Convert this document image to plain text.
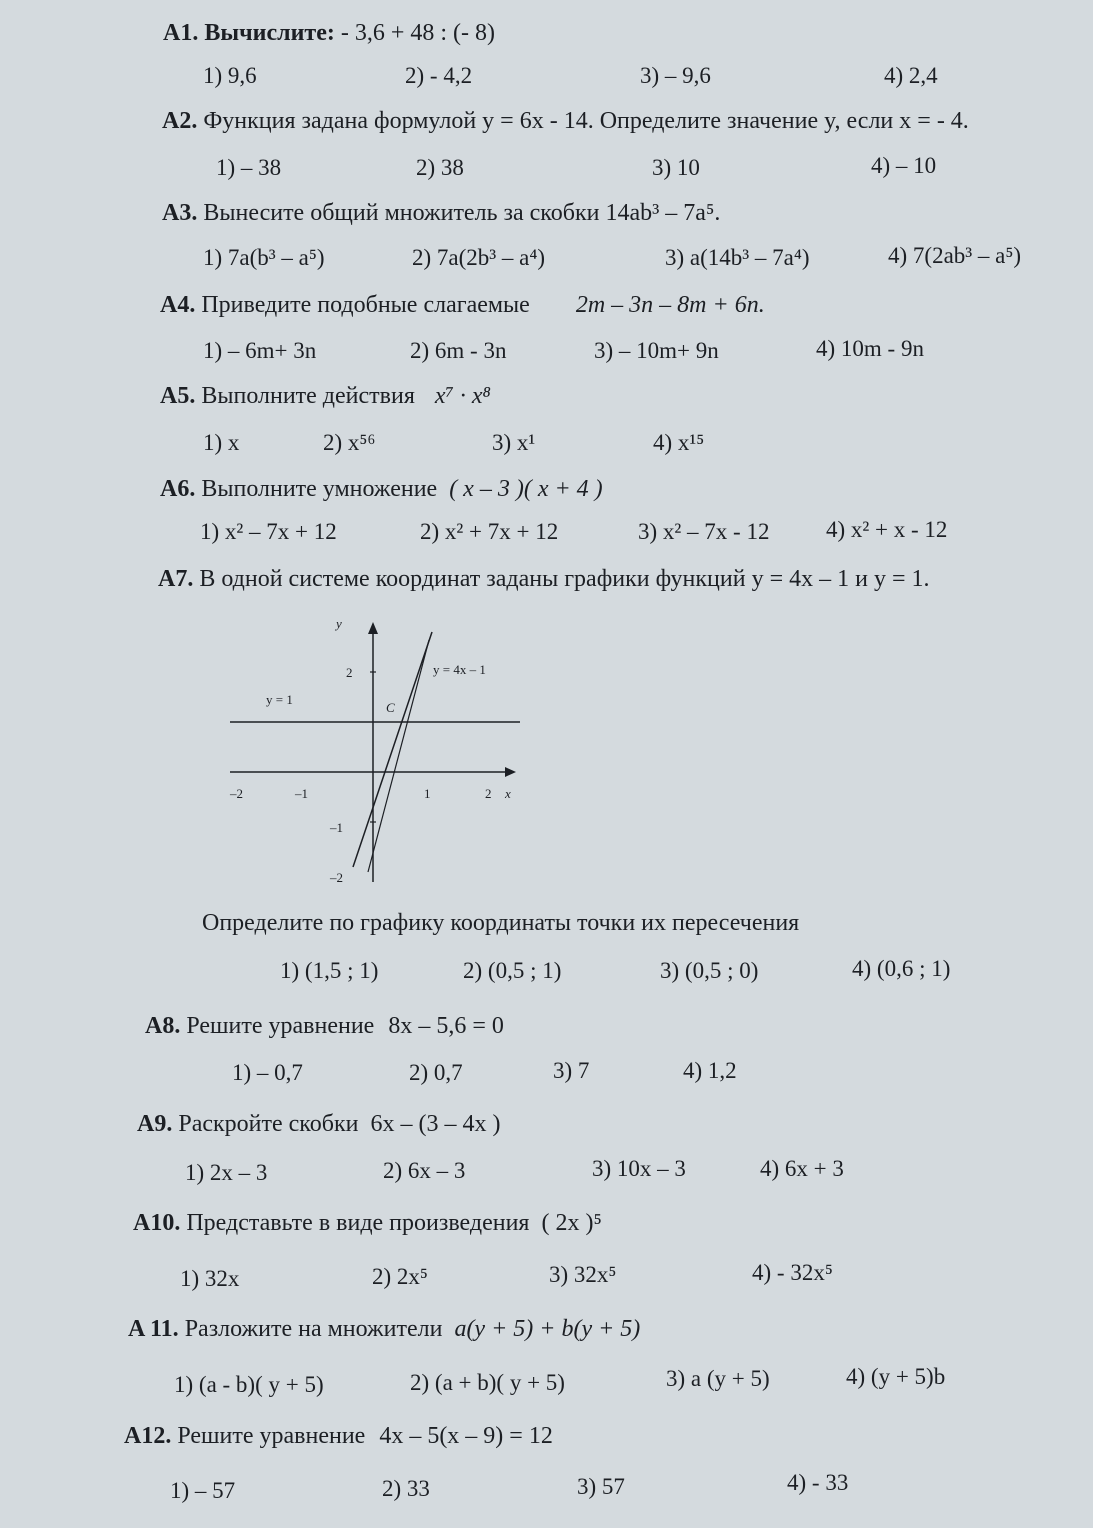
A1. Вычислите: - 3,6 + 48 : (- 8)
1) 9,6	2) - 4,2	3) – 9,6	4) 2,4
A2. Функция задана формулой y = 6x - 14. Определите значение y, если x = - 4.
1) – 38	2) 38	3) 10	4) – 10
A3. Вынесите общий множитель за скобки 14ab³ – 7a⁵.
1) 7a(b³ – a⁵)	2) 7a(2b³ – a⁴)	3) a(14b³ – 7a⁴)	4) 7(2ab³ – a⁵)
A4. Приведите подобные слагаемые 2m – 3n – 8m + 6n.
1) – 6m+ 3n	2) 6m - 3n	3) – 10m+ 9n	4) 10m - 9n
A5. Выполните действия x⁷ · x⁸
1) x	2) x⁵⁶	3) x¹	4) x¹⁵
A6. Выполните умножение ( x – 3 )( x + 4 )
1) x² – 7x + 12	2) x² + 7x + 12	3) x² – 7x - 12 4) x² + x - 12
A7. В одной системе координат заданы графики функций y = 4x – 1 и y = 1.
y
x
y = 4x – 1
y = 1
C
–2	–1	1	2
2
–1
–2
Определите по графику координаты точки их пересечения
1) (1,5 ; 1)	2) (0,5 ; 1)	3) (0,5 ; 0)	4) (0,6 ; 1)
A8. Решите уравнение 8x – 5,6 = 0
1) – 0,7	2) 0,7	3) 7	4) 1,2
A9. Раскройте скобки 6x – (3 – 4x )
1) 2x – 3	2) 6x – 3	3) 10x – 3	4) 6x + 3
A10. Представьте в виде произведения ( 2x )⁵
1) 32x	2) 2x⁵	3) 32x⁵	4) - 32x⁵
A 11. Разложите на множители a(y + 5) + b(y + 5)
1) (a - b)( y + 5)	2) (a + b)( y + 5)	3) a (y + 5)	4) (y + 5)b
A12. Решите уравнение 4x – 5(x – 9) = 12
1) – 57	2) 33	3) 57	4) - 33
